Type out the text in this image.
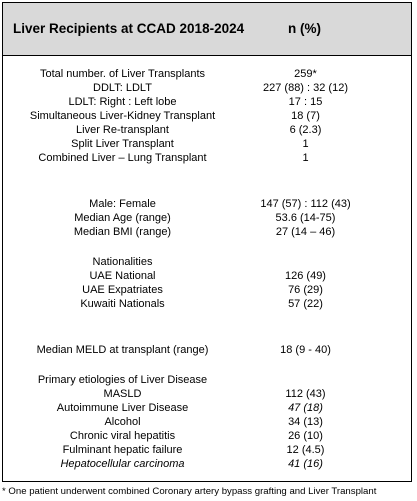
Liver Recipients at CCAD 2018-2024	n (%)
Total number. of Liver Transplants	259*
DDLT: LDLT	227 (88) : 32 (12)
LDLT: Right : Left lobe	17 : 15
Simultaneous Liver-Kidney Transplant	18 (7)
Liver Re-transplant	6 (2.3)
Split Liver Transplant	1
Combined Liver – Lung Transplant	1
Male: Female	147 (57) : 112 (43)
Median Age (range)	53.6 (14-75)
Median BMI (range)	27 (14 – 46)
Nationalities
UAE National	126 (49)
UAE Expatriates	76 (29)
Kuwaiti Nationals	57 (22)
Median MELD at transplant (range)	18 (9 - 40)
Primary etiologies of Liver Disease
MASLD	112 (43)
Autoimmune Liver Disease	47 (18)
Alcohol	34 (13)
Chronic viral hepatitis	26 (10)
Fulminant hepatic failure	12 (4.5)
Hepatocellular carcinoma	41 (16)
* One patient underwent combined Coronary artery bypass grafting and Liver Transplant
